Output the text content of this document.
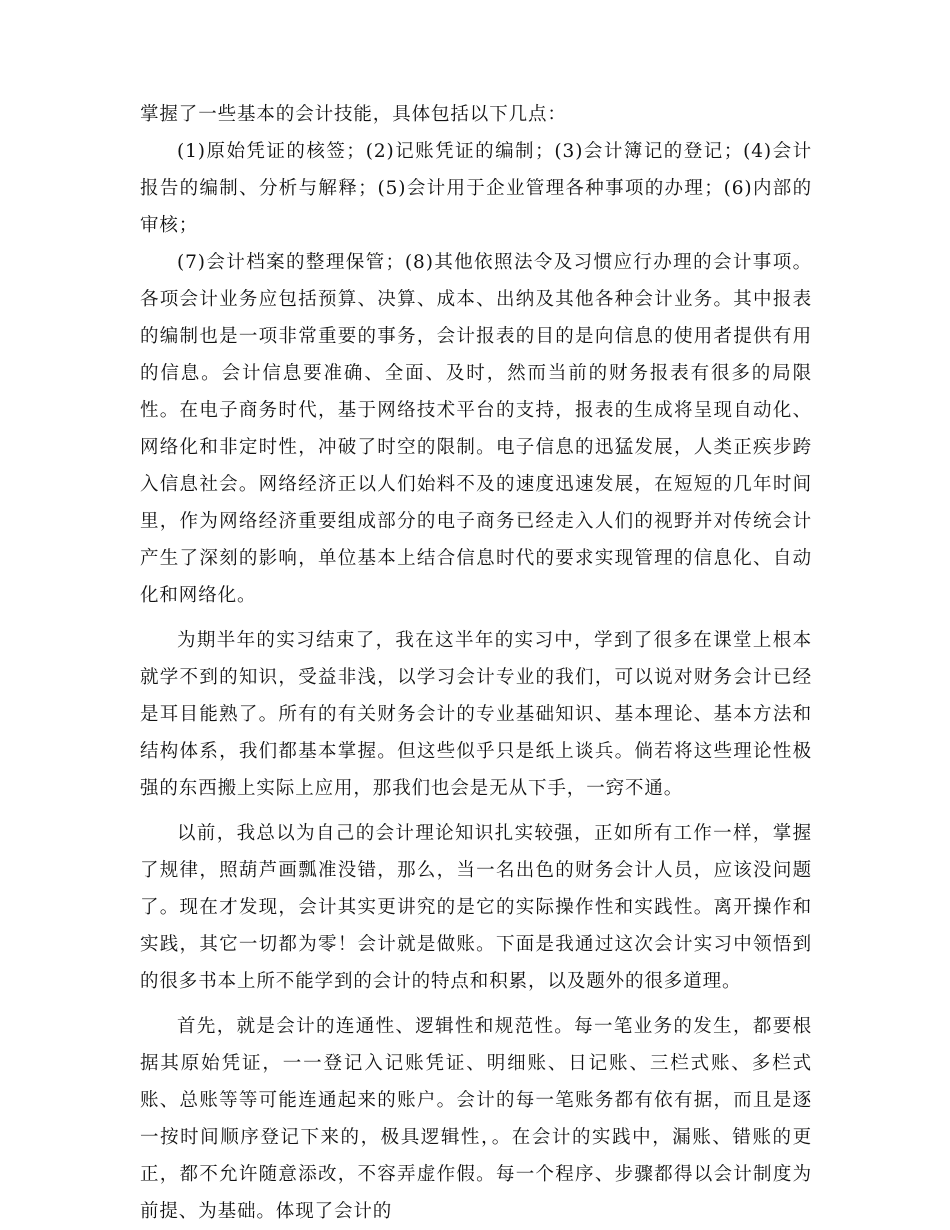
掌握了一些基本的会计技能，具体包括以下几点：

(1)原始凭证的核签；(2)记账凭证的编制；(3)会计簿记的登记；(4)会计报告的编制、分析与解释；(5)会计用于企业管理各种事项的办理；(6)内部的审核；

(7)会计档案的整理保管；(8)其他依照法令及习惯应行办理的会计事项。各项会计业务应包括预算、决算、成本、出纳及其他各种会计业务。其中报表的编制也是一项非常重要的事务，会计报表的目的是向信息的使用者提供有用的信息。会计信息要准确、全面、及时，然而当前的财务报表有很多的局限性。在电子商务时代，基于网络技术平台的支持，报表的生成将呈现自动化、网络化和非定时性，冲破了时空的限制。电子信息的迅猛发展，人类正疾步跨入信息社会。网络经济正以人们始料不及的速度迅速发展，在短短的几年时间里，作为网络经济重要组成部分的电子商务已经走入人们的视野并对传统会计产生了深刻的影响，单位基本上结合信息时代的要求实现管理的信息化、自动化和网络化。

为期半年的实习结束了，我在这半年的实习中，学到了很多在课堂上根本就学不到的知识，受益非浅，以学习会计专业的我们，可以说对财务会计已经是耳目能熟了。所有的有关财务会计的专业基础知识、基本理论、基本方法和结构体系，我们都基本掌握。但这些似乎只是纸上谈兵。倘若将这些理论性极强的东西搬上实际上应用，那我们也会是无从下手，一窍不通。

以前，我总以为自己的会计理论知识扎实较强，正如所有工作一样，掌握了规律，照葫芦画瓢准没错，那么，当一名出色的财务会计人员，应该没问题了。现在才发现，会计其实更讲究的是它的实际操作性和实践性。离开操作和实践，其它一切都为零！会计就是做账。下面是我通过这次会计实习中领悟到的很多书本上所不能学到的会计的特点和积累，以及题外的很多道理。

首先，就是会计的连通性、逻辑性和规范性。每一笔业务的发生，都要根据其原始凭证，一一登记入记账凭证、明细账、日记账、三栏式账、多栏式账、总账等等可能连通起来的账户。会计的每一笔账务都有依有据，而且是逐一按时间顺序登记下来的，极具逻辑性，。在会计的实践中，漏账、错账的更正，都不允许随意添改，不容弄虚作假。每一个程序、步骤都得以会计制度为前提、为基础。体现了会计的
